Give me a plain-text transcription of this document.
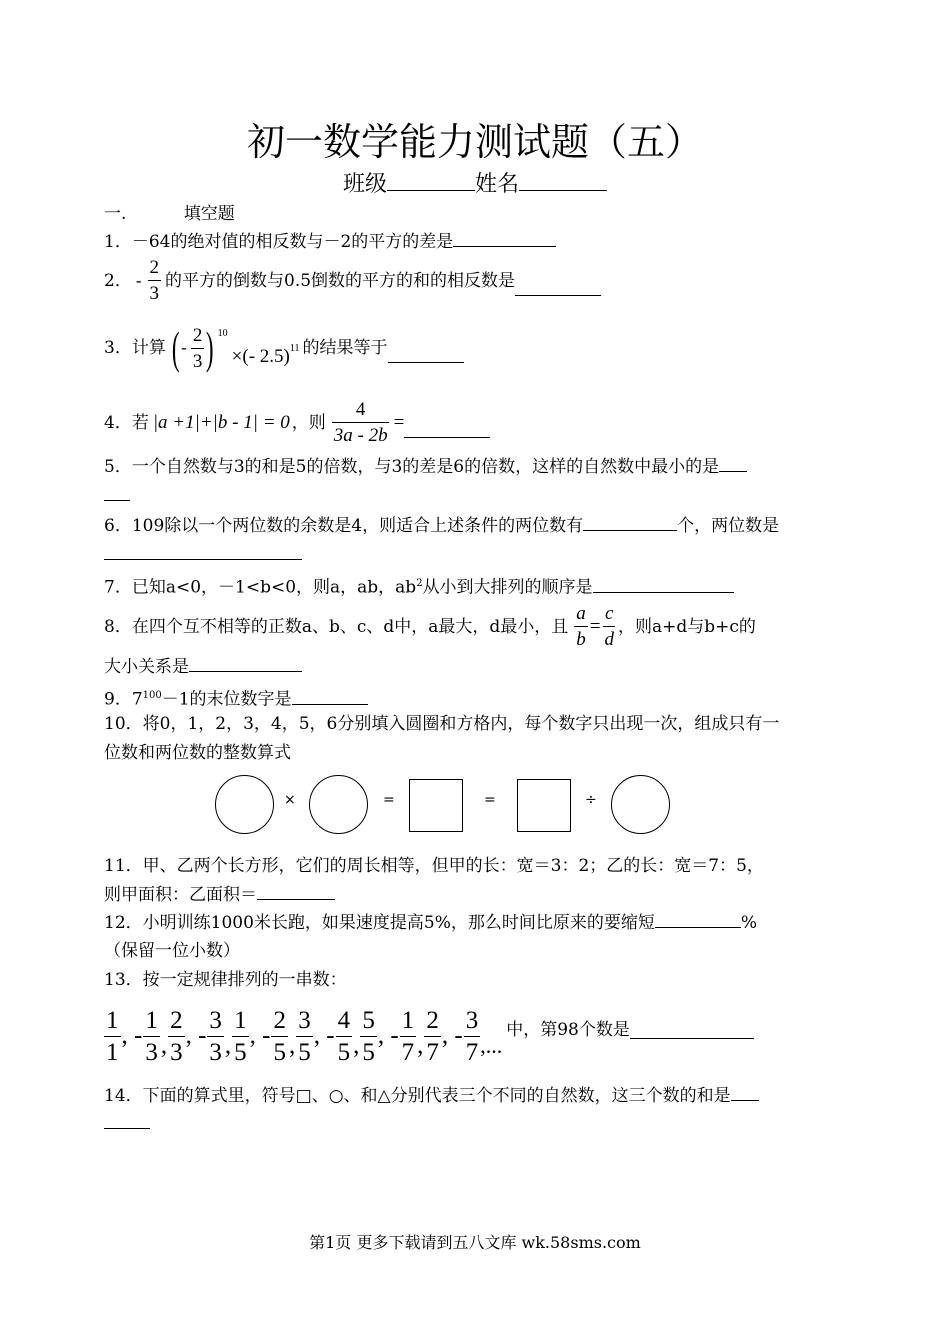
初一数学能力测试题（五）
班级	姓名
一.	填空题
1．－64的绝对值的相反数与－2的平方的差是
2． - $\frac{2}{3}$ 的平方的倒数与0.5倒数的平方的和的相反数是
3．计算 ( - $\frac{2}{3}$ ) 10
× (- 2.5) 11 的结果等于
4．若 |a +1|+|b - 1| = 0 ，则 $\frac{4}{3a - 2b}$ =
5．一个自然数与3的和是5的倍数，与3的差是6的倍数，这样的自然数中最小的是
6．109除以一个两位数的余数是4，则适合上述条件的两位数有	个，两位数是
7．已知a<0，－1<b<0，则a，ab，$ab^2$从小到大排列的顺序是
8．在四个互不相等的正数a、b、c、d中，a最大，d最小，且 $\frac{a}{b} = \frac{c}{d}$ ，则a+d与b+c的
大小关系是
9．$7^{100}-1$的末位数字是
10．将0，1，2，3，4，5，6分别填入圆圈和方格内，每个数字只出现一次，组成只有一
位数和两位数的整数算式
×	=	=	÷
11．甲、乙两个长方形，它们的周长相等，但甲的长：宽＝3：2；乙的长：宽＝7：5，
则甲面积：乙面积＝
12．小明训练1000米长跑，如果速度提高5%，那么时间比原来的要缩短	%
（保留一位小数）
13．按一定规律排列的一串数：
$\frac{1}{1}$ , - $\frac{1}{3}$ , $\frac{2}{3}$ , - $\frac{3}{3}$ , $\frac{1}{5}$ , - $\frac{2}{5}$ , $\frac{3}{5}$ , - $\frac{4}{5}$ , $\frac{5}{5}$ , - $\frac{1}{7}$ , $\frac{2}{7}$ , - $\frac{3}{7}$ ,...
中，第98个数是
14．下面的算式里，符号□、○、和△分别代表三个不同的自然数，这三个数的和是
第1页 更多下载请到五八文库 wk.58sms.com
